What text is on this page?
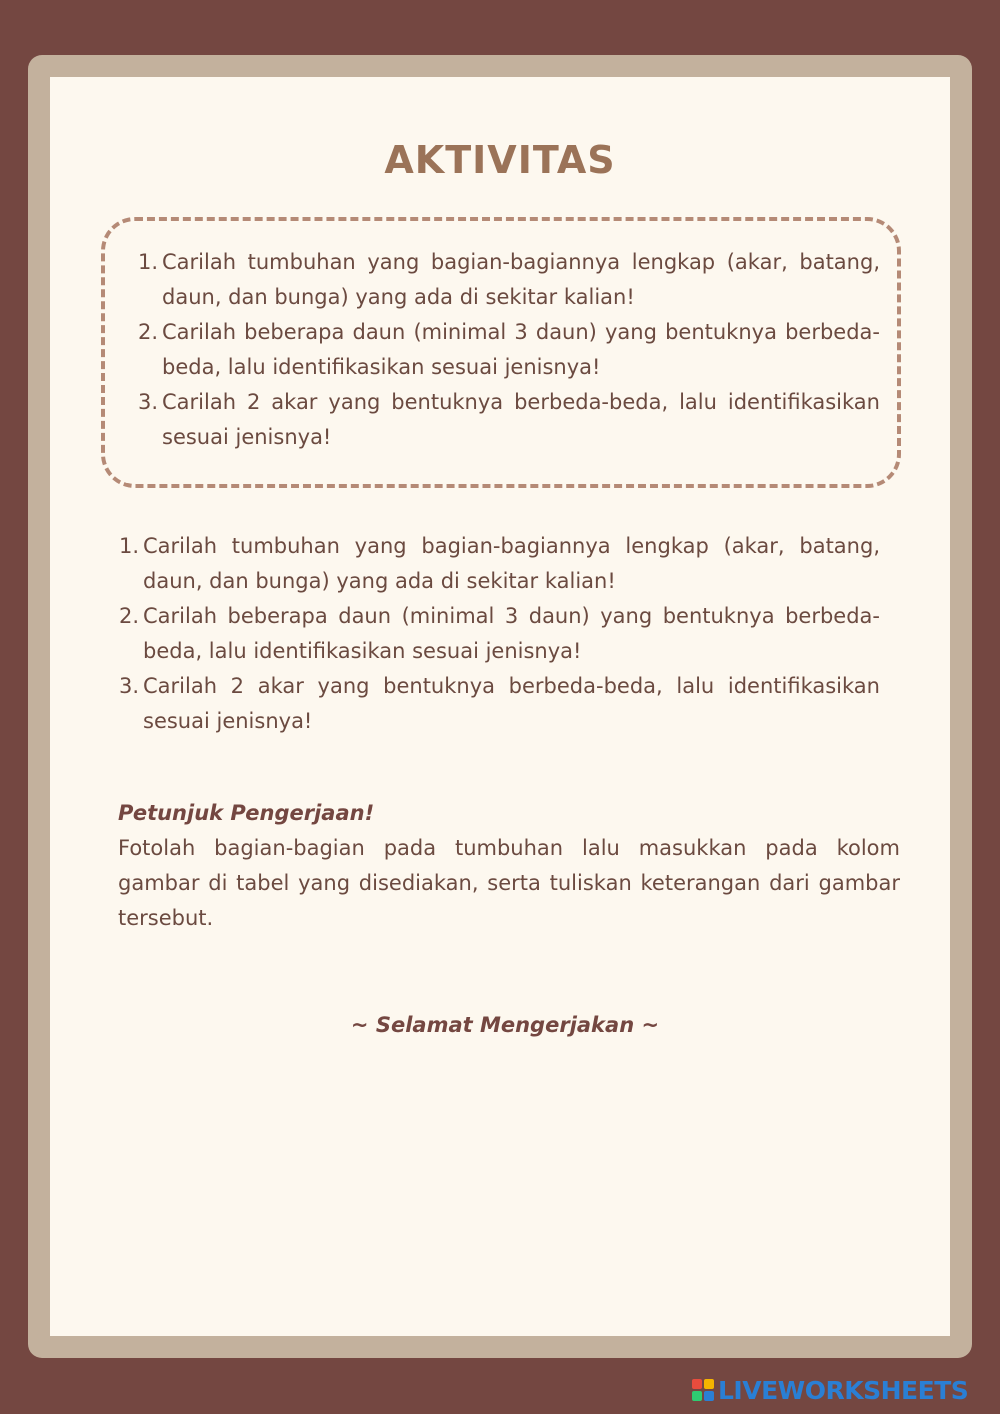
AKTIVITAS
1. Carilah tumbuhan yang bagian-bagiannya lengkap (akar, batang, daun, dan bunga) yang ada di sekitar kalian!
2. Carilah beberapa daun (minimal 3 daun) yang bentuknya berbeda-beda, lalu identifikasikan sesuai jenisnya!
3. Carilah 2 akar yang bentuknya berbeda-beda, lalu identifikasikan sesuai jenisnya!
1. Carilah tumbuhan yang bagian-bagiannya lengkap (akar, batang, daun, dan bunga) yang ada di sekitar kalian!
2. Carilah beberapa daun (minimal 3 daun) yang bentuknya berbeda-beda, lalu identifikasikan sesuai jenisnya!
3. Carilah 2 akar yang bentuknya berbeda-beda, lalu identifikasikan sesuai jenisnya!
Petunjuk Pengerjaan!
Fotolah bagian-bagian pada tumbuhan lalu masukkan pada kolom gambar di tabel yang disediakan, serta tuliskan keterangan dari gambar tersebut.
~ Selamat Mengerjakan ~
LIVEWORKSHEETS
